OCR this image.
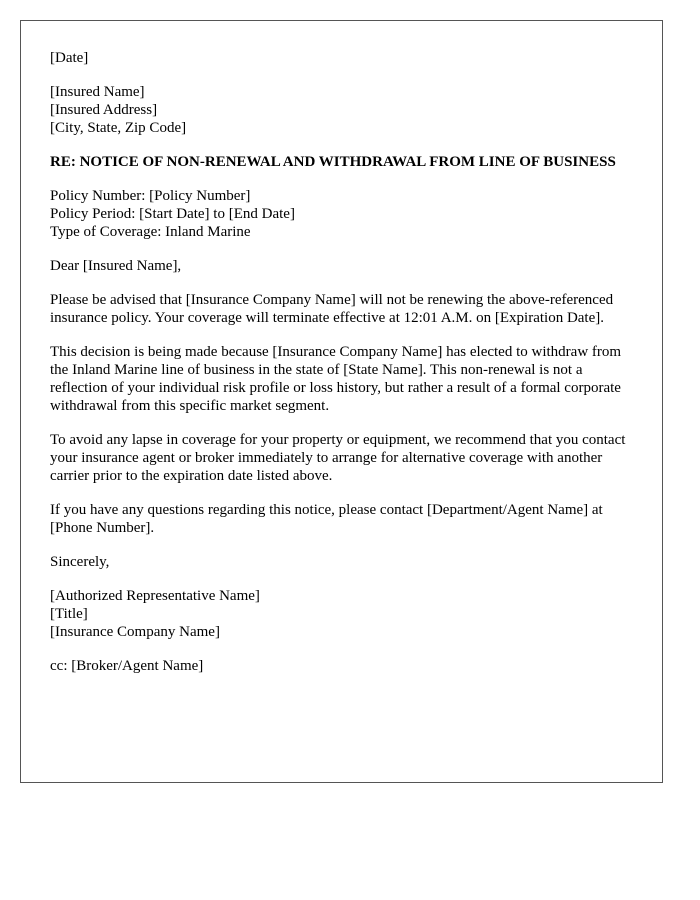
[Date]

[Insured Name]
[Insured Address]
[City, State, Zip Code]

RE: NOTICE OF NON-RENEWAL AND WITHDRAWAL FROM LINE OF BUSINESS

Policy Number: [Policy Number]
Policy Period: [Start Date] to [End Date]
Type of Coverage: Inland Marine

Dear [Insured Name],

Please be advised that [Insurance Company Name] will not be renewing the above-referenced insurance policy. Your coverage will terminate effective at 12:01 A.M. on [Expiration Date].

This decision is being made because [Insurance Company Name] has elected to withdraw from the Inland Marine line of business in the state of [State Name]. This non-renewal is not a reflection of your individual risk profile or loss history, but rather a result of a formal corporate withdrawal from this specific market segment.

To avoid any lapse in coverage for your property or equipment, we recommend that you contact your insurance agent or broker immediately to arrange for alternative coverage with another carrier prior to the expiration date listed above.

If you have any questions regarding this notice, please contact [Department/Agent Name] at [Phone Number].

Sincerely,

[Authorized Representative Name]
[Title]
[Insurance Company Name]

cc: [Broker/Agent Name]
